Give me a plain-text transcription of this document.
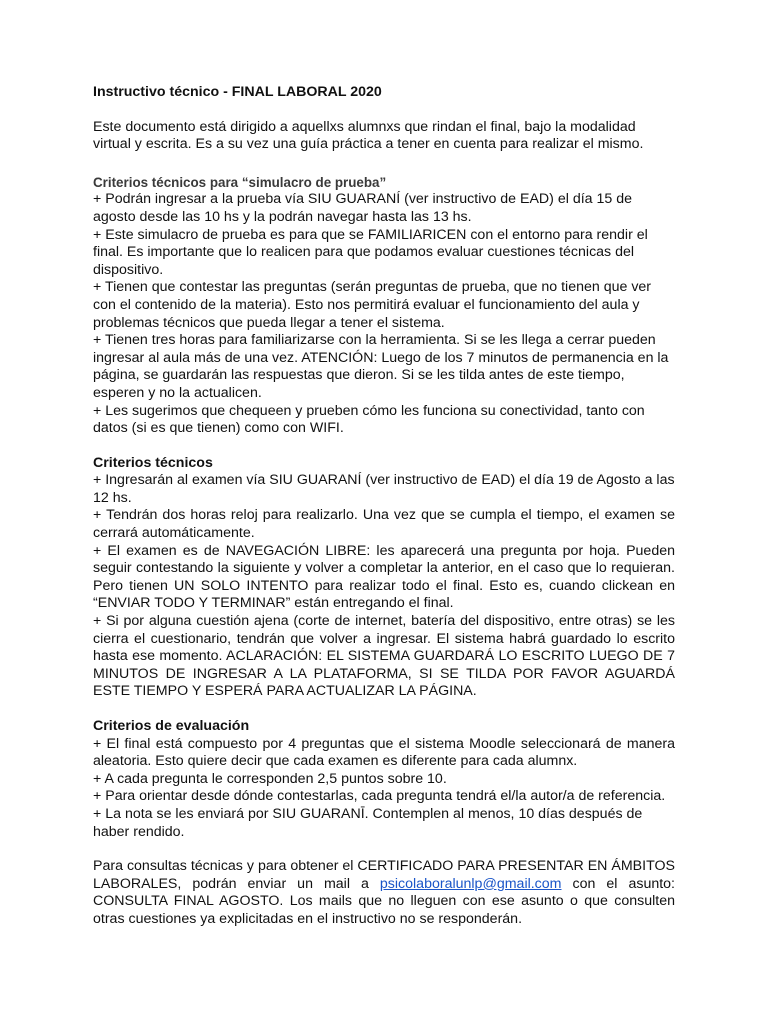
Instructivo técnico - FINAL LABORAL 2020
Este documento está dirigido a aquellxs alumnxs que rindan el final, bajo la modalidad virtual y escrita. Es a su vez una guía práctica a tener en cuenta para realizar el mismo.
Criterios técnicos para “simulacro de prueba”
+ Podrán ingresar a la prueba vía SIU GUARANÍ (ver instructivo de EAD) el día 15 de agosto desde las 10 hs y la podrán navegar hasta las 13 hs.
+ Este simulacro de prueba es para que se FAMILIARICEN con el entorno para rendir el final. Es importante que lo realicen para que podamos evaluar cuestiones técnicas del dispositivo.
+ Tienen que contestar las preguntas (serán preguntas de prueba, que no tienen que ver con el contenido de la materia). Esto nos permitirá evaluar el funcionamiento del aula y problemas técnicos que pueda llegar a tener el sistema.
+ Tienen tres horas para familiarizarse con la herramienta. Si se les llega a cerrar pueden ingresar al aula más de una vez. ATENCIÓN: Luego de los 7 minutos de permanencia en la página, se guardarán las respuestas que dieron. Si se les tilda antes de este tiempo, esperen y no la actualicen.
+ Les sugerimos que chequeen y prueben cómo les funciona su conectividad, tanto con datos (si es que tienen) como con WIFI.
Criterios técnicos
+ Ingresarán al examen vía SIU GUARANÍ (ver instructivo de EAD) el día 19 de Agosto a las 12 hs.
+ Tendrán dos horas reloj para realizarlo. Una vez que se cumpla el tiempo, el examen se cerrará automáticamente.
+ El examen es de NAVEGACIÓN LIBRE: les aparecerá una pregunta por hoja. Pueden seguir contestando la siguiente y volver a completar la anterior, en el caso que lo requieran. Pero tienen UN SOLO INTENTO para realizar todo el final. Esto es, cuando clickean en “ENVIAR TODO Y TERMINAR” están entregando el final.
+ Si por alguna cuestión ajena (corte de internet, batería del dispositivo, entre otras) se les cierra el cuestionario, tendrán que volver a ingresar. El sistema habrá guardado lo escrito hasta ese momento. ACLARACIÓN: EL SISTEMA GUARDARÁ LO ESCRITO LUEGO DE 7 MINUTOS DE INGRESAR A LA PLATAFORMA, SI SE TILDA POR FAVOR AGUARDÁ ESTE TIEMPO Y ESPERÁ PARA ACTUALIZAR LA PÁGINA.
Criterios de evaluación
+ El final está compuesto por 4 preguntas que el sistema Moodle seleccionará de manera aleatoria. Esto quiere decir que cada examen es diferente para cada alumnx.
+ A cada pregunta le corresponden 2,5 puntos sobre 10.
+ Para orientar desde dónde contestarlas, cada pregunta tendrá el/la autor/a de referencia.
+ La nota se les enviará por SIU GUARANĪ. Contemplen al menos, 10 días después de haber rendido.
Para consultas técnicas y para obtener el CERTIFICADO PARA PRESENTAR EN ÁMBITOS LABORALES, podrán enviar un mail a psicolaboralunlp@gmail.com con el asunto: CONSULTA FINAL AGOSTO. Los mails que no lleguen con ese asunto o que consulten otras cuestiones ya explicitadas en el instructivo no se responderán.
